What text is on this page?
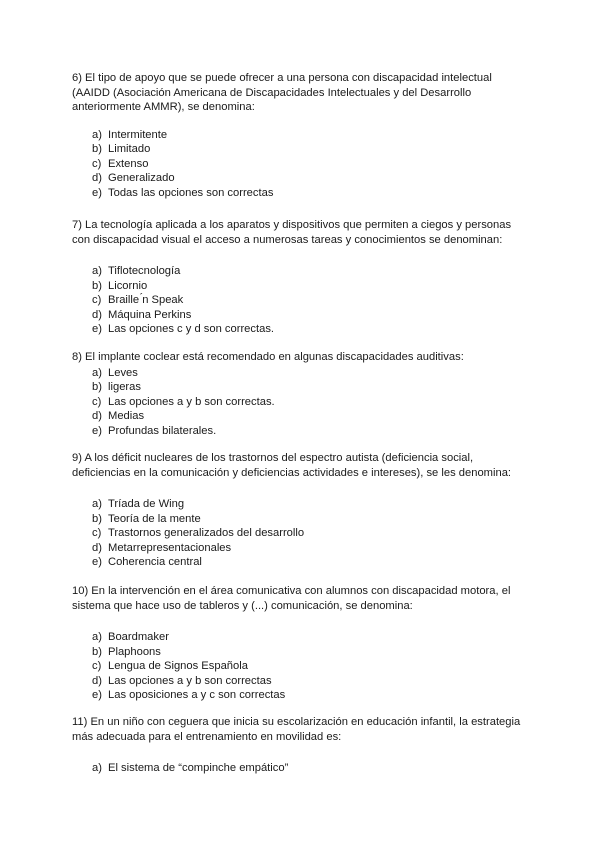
6) El tipo de apoyo que se puede ofrecer a una persona con discapacidad intelectual (AAIDD (Asociación Americana de Discapacidades Intelectuales y del Desarrollo anteriormente AMMR), se denomina:

a) Intermitente
b) Limitado
c) Extenso
d) Generalizado
e) Todas las opciones son correctas

7) La tecnología aplicada a los aparatos y dispositivos que permiten a ciegos y personas con discapacidad visual el acceso a numerosas tareas y conocimientos se denominan:

a) Tiflotecnología
b) Licornio
c) Braille ́n Speak
d) Máquina Perkins
e) Las opciones c y d son correctas.

8) El implante coclear está recomendado en algunas discapacidades auditivas:

a) Leves
b) ligeras
c) Las opciones a y b son correctas.
d) Medias
e) Profundas bilaterales.

9) A los déficit nucleares de los trastornos del espectro autista (deficiencia social, deficiencias en la comunicación y deficiencias actividades e intereses), se les denomina:

a) Tríada de Wing
b) Teoría de la mente
c) Trastornos generalizados del desarrollo
d) Metarrepresentacionales
e) Coherencia central

10) En la intervención en el área comunicativa con alumnos con discapacidad motora, el sistema que hace uso de tableros y (...) comunicación, se denomina:

a) Boardmaker
b) Plaphoons
c) Lengua de Signos Española
d) Las opciones a y b son correctas
e) Las oposiciones a y c son correctas

11) En un niño con ceguera que inicia su escolarización en educación infantil, la estrategia más adecuada para el entrenamiento en movilidad es:

a) El sistema de “compinche empático”
